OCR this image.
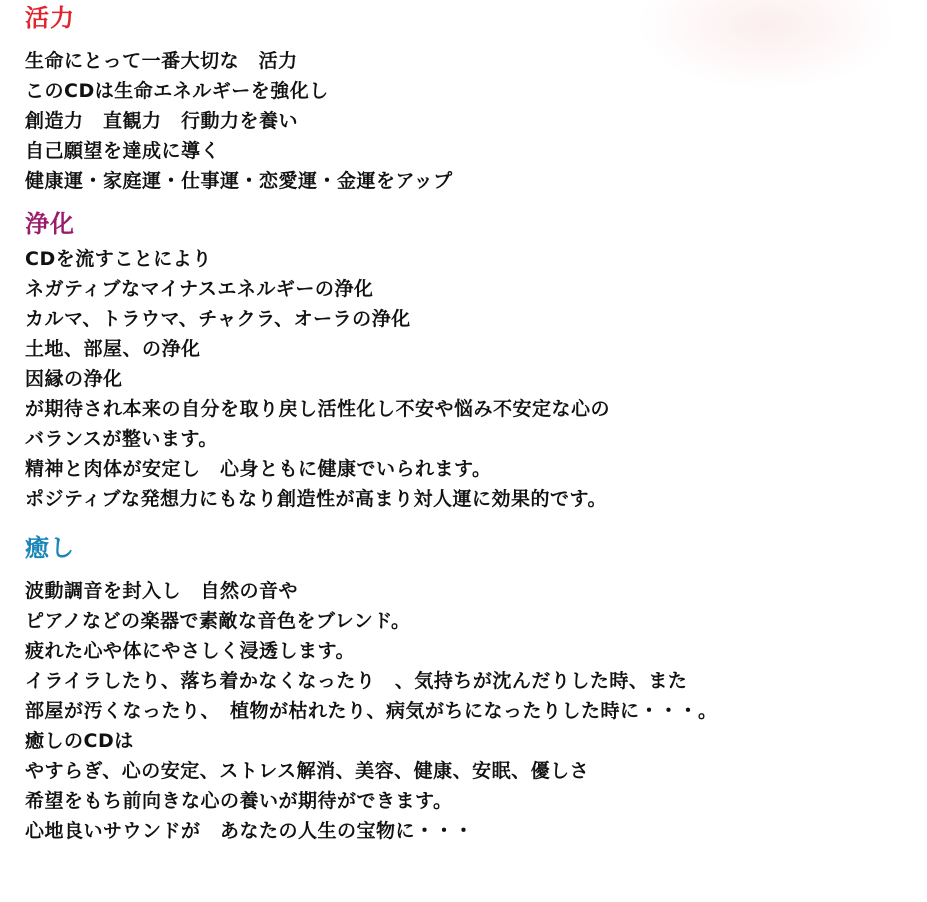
活力
生命にとって一番大切な　活力
このCDは生命エネルギーを強化し
創造力　直観力　行動力を養い
自己願望を達成に導く
健康運・家庭運・仕事運・恋愛運・金運をアップ
浄化
CDを流すことにより
ネガティブなマイナスエネルギーの浄化
カルマ、トラウマ、チャクラ、オーラの浄化
土地、部屋、の浄化
因縁の浄化
が期待され本来の自分を取り戻し活性化し不安や悩み不安定な心の
バランスが整います。
精神と肉体が安定し　心身ともに健康でいられます。
ポジティブな発想力にもなり創造性が高まり対人運に効果的です。
癒し
波動調音を封入し　自然の音や
ピアノなどの楽器で素敵な音色をブレンド。
疲れた心や体にやさしく浸透します。
イライラしたり、落ち着かなくなったり　、気持ちが沈んだりした時、また
部屋が汚くなったり、　植物が枯れたり、病気がちになったりした時に・・・。
癒しのCDは
やすらぎ、心の安定、ストレス解消、美容、健康、安眠、優しさ
希望をもち前向きな心の養いが期待ができます。
心地良いサウンドが　あなたの人生の宝物に・・・
